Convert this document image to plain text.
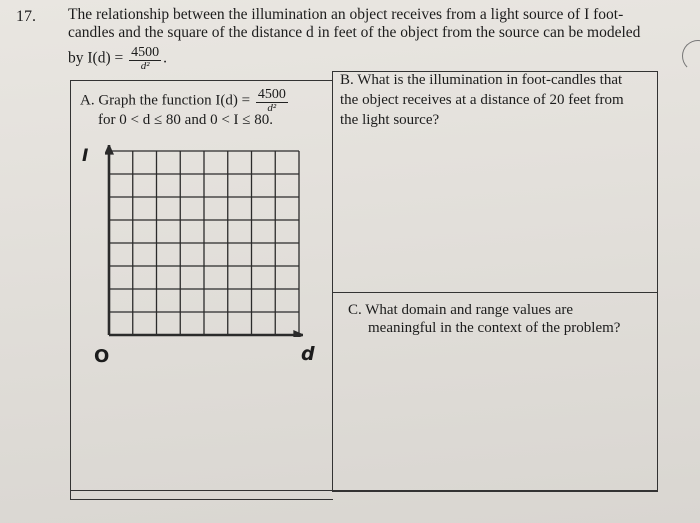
17. The relationship between the illumination an object receives from a light source of I foot-
candles and the square of the distance d in feet of the object from the source can be modeled
by $I(d) = \frac{4500}{\text{d²}}$ .
A. Graph the function $I(d) = \frac{4500}{\text{d²}}$
for 0 < d ≤ 80 and 0 < I ≤ 80.
I
O	d
B. What is the illumination in foot-candles that the object receives at a distance of 20 feet from the light source?
C. What domain and range values are
meaningful in the context of the problem?
